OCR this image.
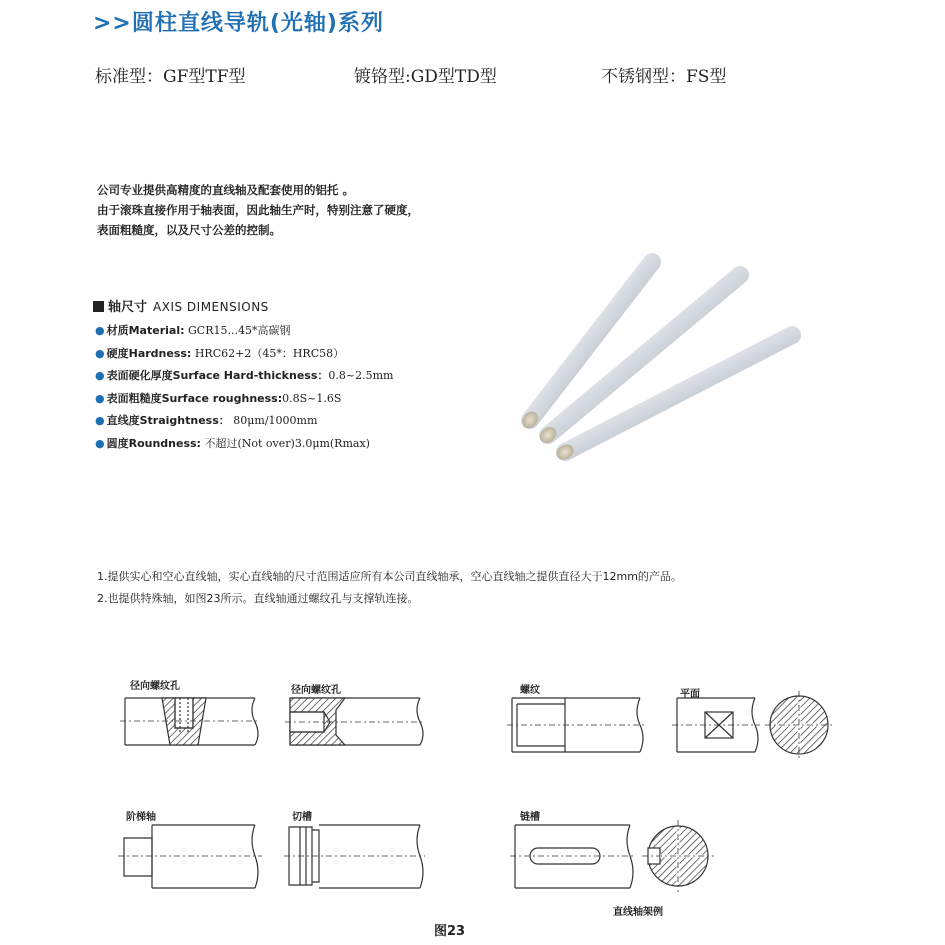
>>圆柱直线导轨(光轴)系列
标准型：GF型TF型	镀铬型:GD型TD型	不锈钢型：FS型
公司专业提供高精度的直线轴及配套使用的铝托 。
由于滚珠直接作用于轴表面，因此轴生产时，特别注意了硬度，
表面粗糙度，以及尺寸公差的控制。
轴尺寸 AXIS DIMENSIONS
● 材质Material: GCR15...45*高碳钢
● 硬度Hardness: HRC62+2（45*：HRC58）
● 表面硬化厚度Surface Hard-thickness：0.8~2.5mm
● 表面粗糙度Surface roughness:0.8S~1.6S
● 直线度Straightness： 80μm/1000mm
● 圆度Roundness: 不超过(Not over)3.0μm(Rmax)
1.提供实心和空心直线轴，实心直线轴的尺寸范围适应所有本公司直线轴承，空心直线轴之提供直径大于12mm的产品。
2.也提供特殊轴，如图23所示。直线轴通过螺纹孔与支撑轨连接。
径向螺纹孔	径向螺纹孔	螺纹	平面
阶梯轴	切槽	链槽
直线轴架例
图23
